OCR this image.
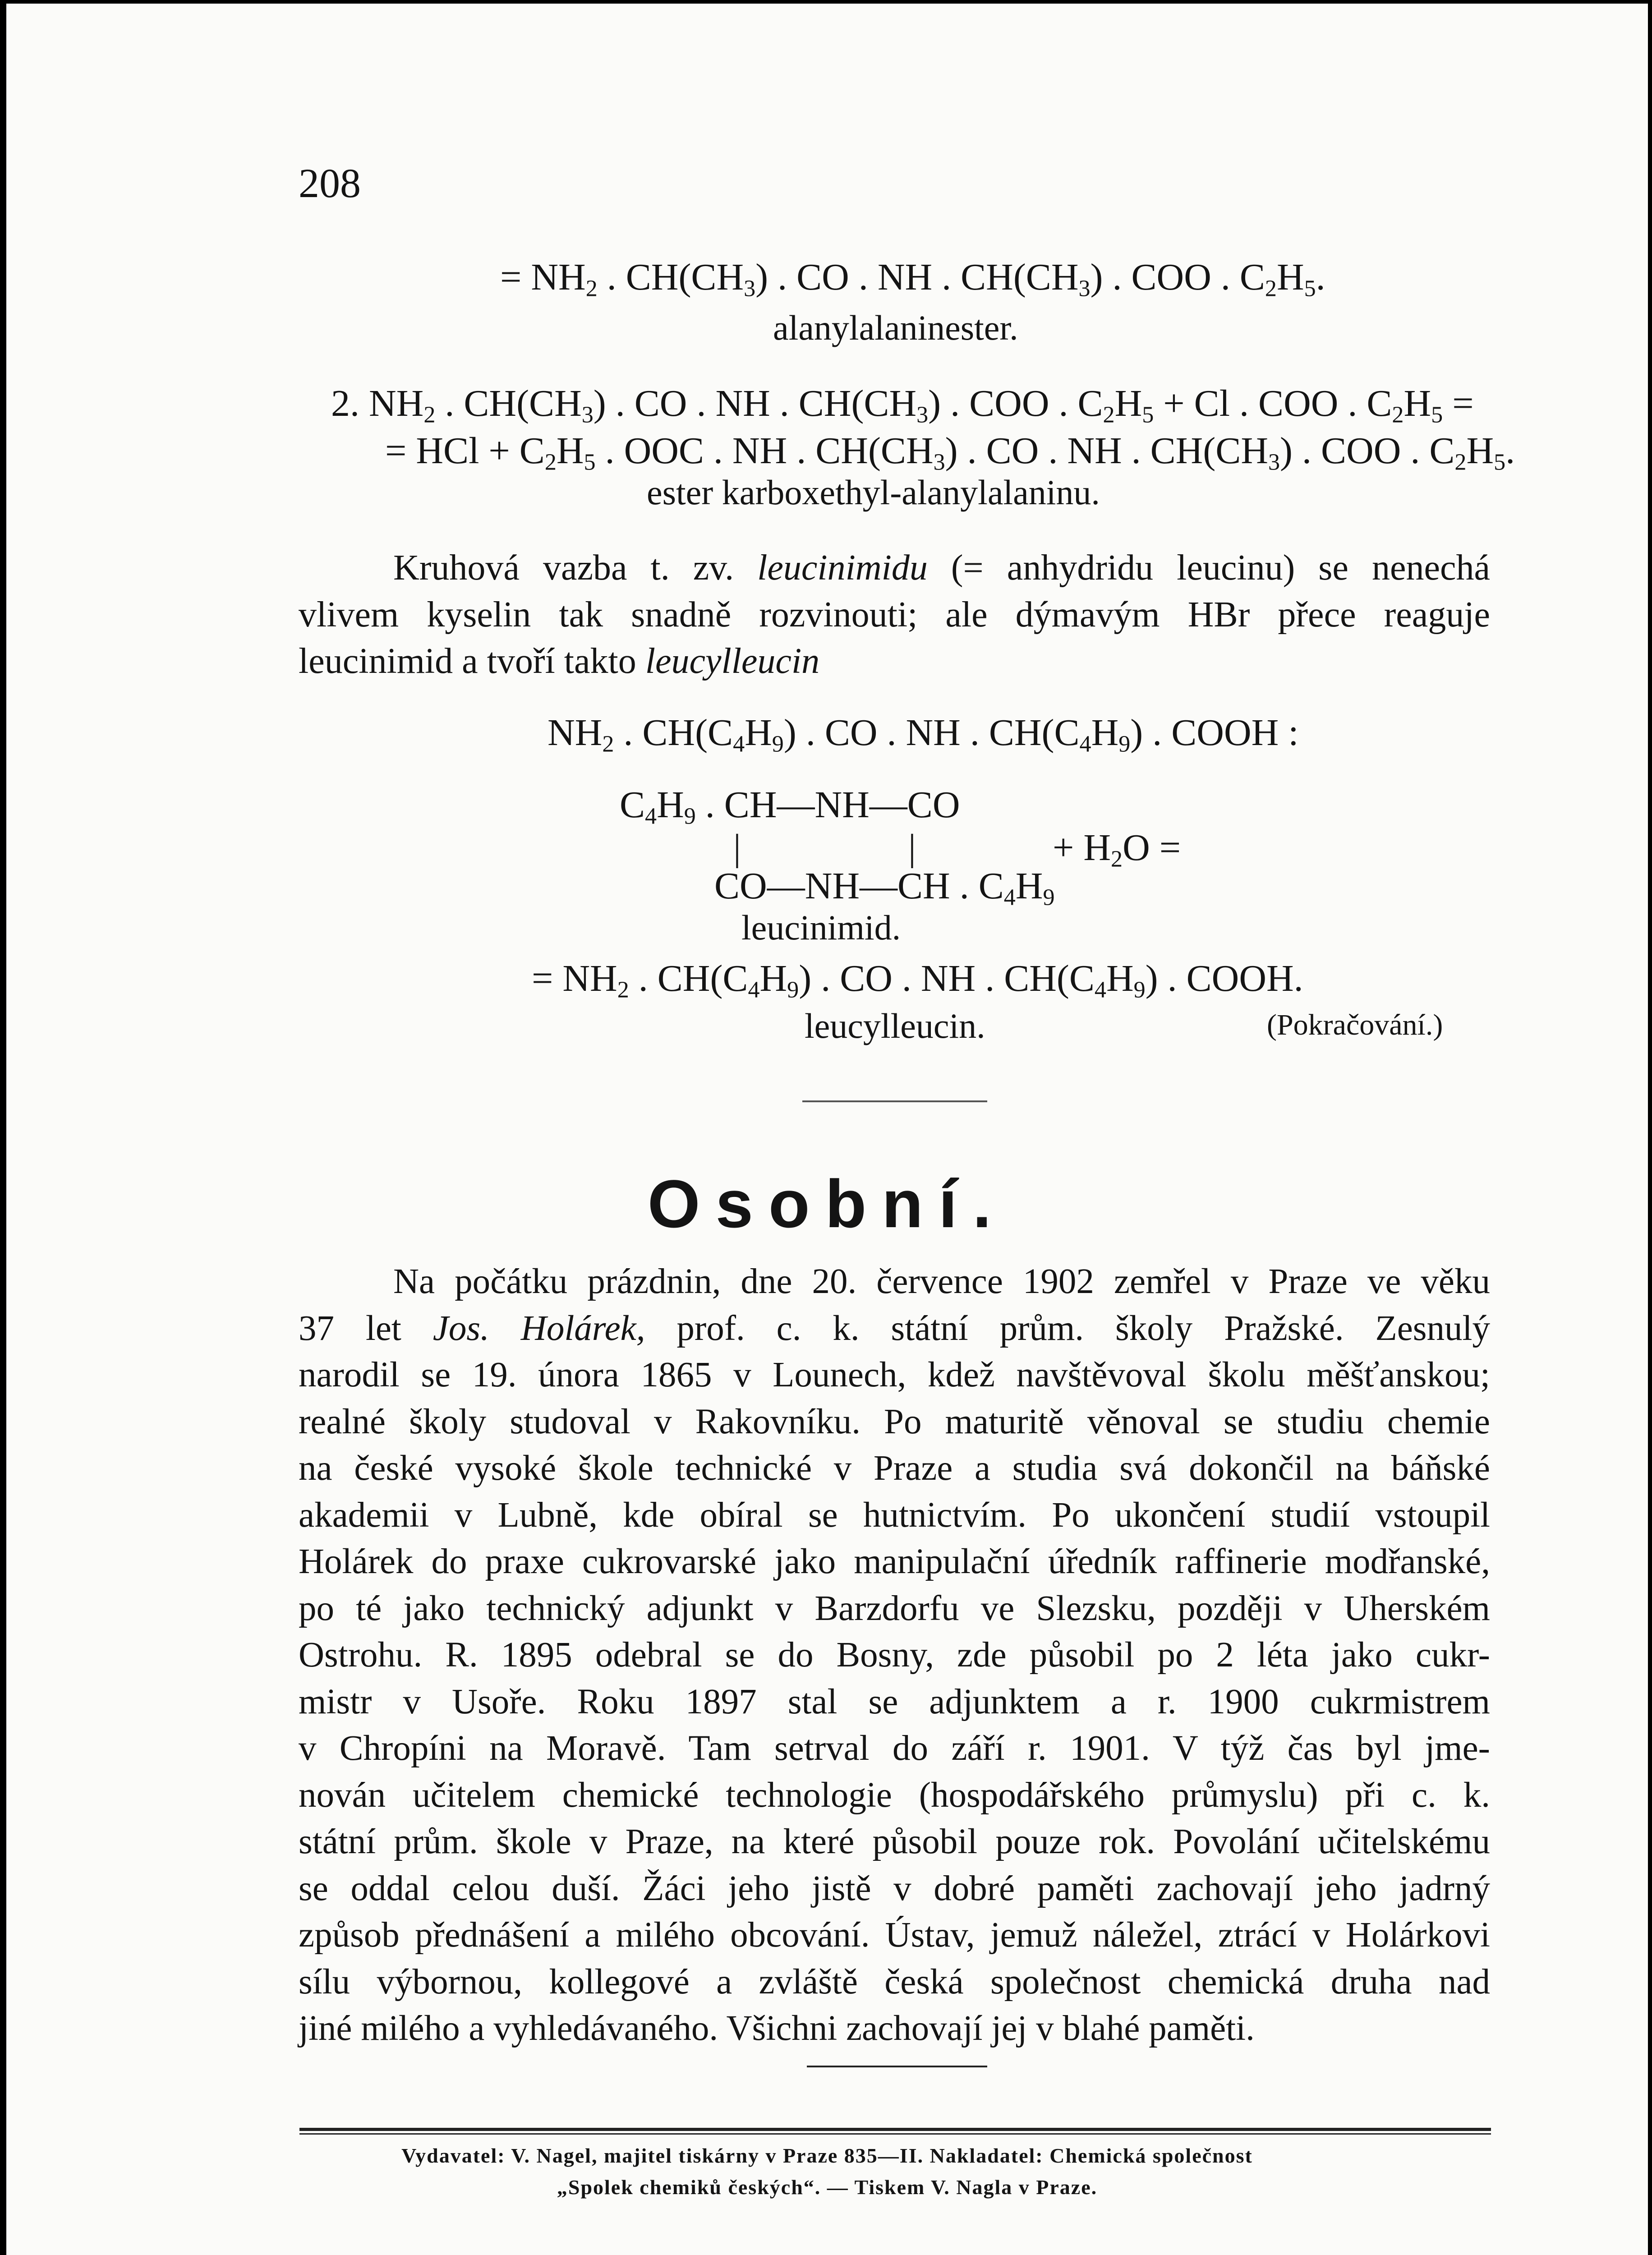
208
= $NH_2$ . $CH(CH_3)$ . CO . NH . $CH(CH_3)$ . COO . $C_2H_5$.
alanylalaninester.
2. $NH_2$ . $CH(CH_3)$ . CO . NH . $CH(CH_3)$ . COO . $C_2H_5 + Cl$ . COO . $C_2H_5$ =
= HCl + $C_2H_5$ . OOC . NH . $CH(CH_3)$ . CO . NH . $CH(CH_3)$ . COO . $C_2H_5$.
ester karboxethyl-alanylalaninu.
Kruhová vazba t. zv. leucinimidu (= anhydridu leucinu) se nenechá
vlivem kyselin tak snadně rozvinouti; ale dýmavým HBr přece reaguje
leucinimid a tvoří takto leucylleucin
$NH_2$ . $CH(C_4H_9)$ . CO . NH . $CH(C_4H_9)$ . COOH :
$C_4H_9$ . CH—NH—CO
|	|	+ $H_2O$ =
CO—NH—CH . $C_4H_9$
leucinimid.
= $NH_2$ . $CH(C_4H_9)$ . CO . NH . $CH(C_4H_9)$ . COOH.
leucylleucin.	(Pokračování.)
Osobní.
Na počátku prázdnin, dne 20. července 1902 zemřel v Praze ve věku
37 let Jos. Holárek, prof. c. k. státní prům. školy Pražské. Zesnulý
narodil se 19. února 1865 v Lounech, kdež navštěvoval školu měšťanskou;
realné školy studoval v Rakovníku. Po maturitě věnoval se studiu chemie
na české vysoké škole technické v Praze a studia svá dokončil na báňské
akademii v Lubně, kde obíral se hutnictvím. Po ukončení studií vstoupil
Holárek do praxe cukrovarské jako manipulační úředník raffinerie modřanské,
po té jako technický adjunkt v Barzdorfu ve Slezsku, později v Uherském
Ostrohu. R. 1895 odebral se do Bosny, zde působil po 2 léta jako cukr-
mistr v Usoře. Roku 1897 stal se adjunktem a r. 1900 cukrmistrem
v Chropíni na Moravě. Tam setrval do září r. 1901. V týž čas byl jme-
nován učitelem chemické technologie (hospodářského průmyslu) při c. k.
státní prům. škole v Praze, na které působil pouze rok. Povolání učitelskému
se oddal celou duší. Žáci jeho jistě v dobré paměti zachovají jeho jadrný
způsob přednášení a milého obcování. Ústav, jemuž náležel, ztrácí v Holárkovi
sílu výbornou, kollegové a zvláště česká společnost chemická druha nad
jiné milého a vyhledávaného. Všichni zachovají jej v blahé paměti.
Vydavatel: V. Nagel, majitel tiskárny v Praze 835—II. Nakladatel: Chemická společnost
„Spolek chemiků českých“. — Tiskem V. Nagla v Praze.
